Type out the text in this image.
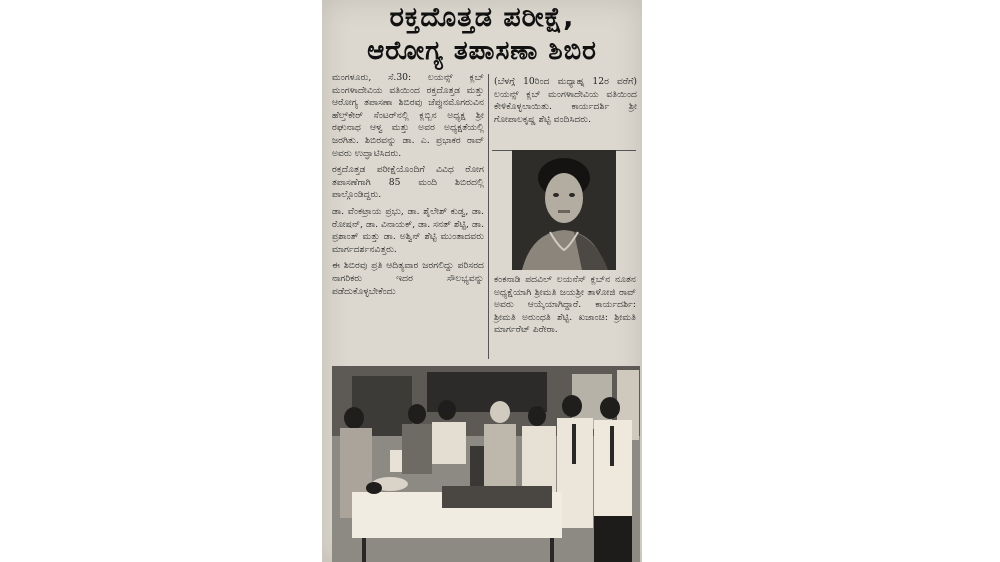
ರಕ್ತದೊತ್ತಡ ಪರೀಕ್ಷೆ,
ಆರೋಗ್ಯ ತಪಾಸಣಾ ಶಿಬಿರ

ಮಂಗಳೂರು, ಸೆ.30: ಲಯನ್ಸ್ ಕ್ಲಬ್ ಮಂಗಳಾದೇವಿಯ ವತಿಯಿಂದ ರಕ್ತದೊತ್ತಡ ಮತ್ತು ಆರೋಗ್ಯ ತಪಾಸಣಾ ಶಿಬಿರವು ಜೆಪ್ಪುನಮೊಗರುವಿನ ಹೆಲ್ತ್‌ಕೇರ್ ಸೆಂಟರ್‌ನಲ್ಲಿ ಕ್ಲಬ್ಬಿನ ಅಧ್ಯಕ್ಷ ಶ್ರೀ ರಘುನಾಥ ಆಳ್ವ ಮತ್ತು ಅವರ ಅಧ್ಯಕ್ಷತೆಯಲ್ಲಿ ಜರಗಿತು. ಶಿಬಿರವನ್ನು ಡಾ. ಎ. ಪ್ರಭಾಕರ ರಾವ್ ಅವರು ಉದ್ಘಾಟಿಸಿದರು.

ರಕ್ತದೊತ್ತಡ ಪರೀಕ್ಷೆಯೊಂದಿಗೆ ವಿವಿಧ ರೋಗ ತಪಾಸಣೆಗಾಗಿ 85 ಮಂದಿ ಶಿಬಿರದಲ್ಲಿ ಪಾಲ್ಗೊಂಡಿದ್ದರು.

ಡಾ. ವೆಂಕಟ್ರಾಯ ಪ್ರಭು, ಡಾ. ಶೈಲೇಶ್ ಕುಡ್ವ, ಡಾ. ರೋಷನ್, ಡಾ. ವಿನಾಯಕ್, ಡಾ. ಸನತ್ ಶೆಟ್ಟಿ, ಡಾ. ಪ್ರಶಾಂತ್ ಮತ್ತು ಡಾ. ಅಶ್ವಿನ್ ಶೆಟ್ಟಿ ಮುಂತಾದವರು ಮಾರ್ಗದರ್ಶನವಿತ್ತರು.

ಈ ಶಿಬಿರವು ಪ್ರತಿ ಆದಿತ್ಯವಾರ ಜರಗಲಿದ್ದು ಪರಿಸರದ ನಾಗರಿಕರು ಇದರ ಸೌಲಭ್ಯವನ್ನು ಪಡೆದುಕೊಳ್ಳಬೇಕೆಂದು

(ಬೆಳಗ್ಗೆ 10ರಿಂದ ಮಧ್ಯಾಹ್ನ 12ರ ವರೆಗೆ) ಲಯನ್ಸ್ ಕ್ಲಬ್ ಮಂಗಳಾದೇವಿಯ ವತಿಯಿಂದ ಕೇಳಿಕೊಳ್ಳಲಾಯಿತು. ಕಾರ್ಯದರ್ಶಿ ಶ್ರೀ ಗೋಪಾಲಕೃಷ್ಣ ಶೆಟ್ಟಿ ವಂದಿಸಿದರು.

ಕಂಕನಾಡಿ ಪದವಿಲ್ ಲಯನೆಸ್ ಕ್ಲಬ್‌ನ ನೂತನ ಅಧ್ಯಕ್ಷೆಯಾಗಿ ಶ್ರೀಮತಿ ಜಯಶ್ರೀ ತಾಳೋಜಿ ರಾವ್ ಅವರು ಆಯ್ಕೆಯಾಗಿದ್ದಾರೆ. ಕಾರ್ಯದರ್ಶಿ: ಶ್ರೀಮತಿ ಅರುಂಧತಿ ಶೆಟ್ಟಿ. ಖಜಾಂಚಿ: ಶ್ರೀಮತಿ ಮಾರ್ಗರೆಟ್ ಪಿರೇರಾ.
